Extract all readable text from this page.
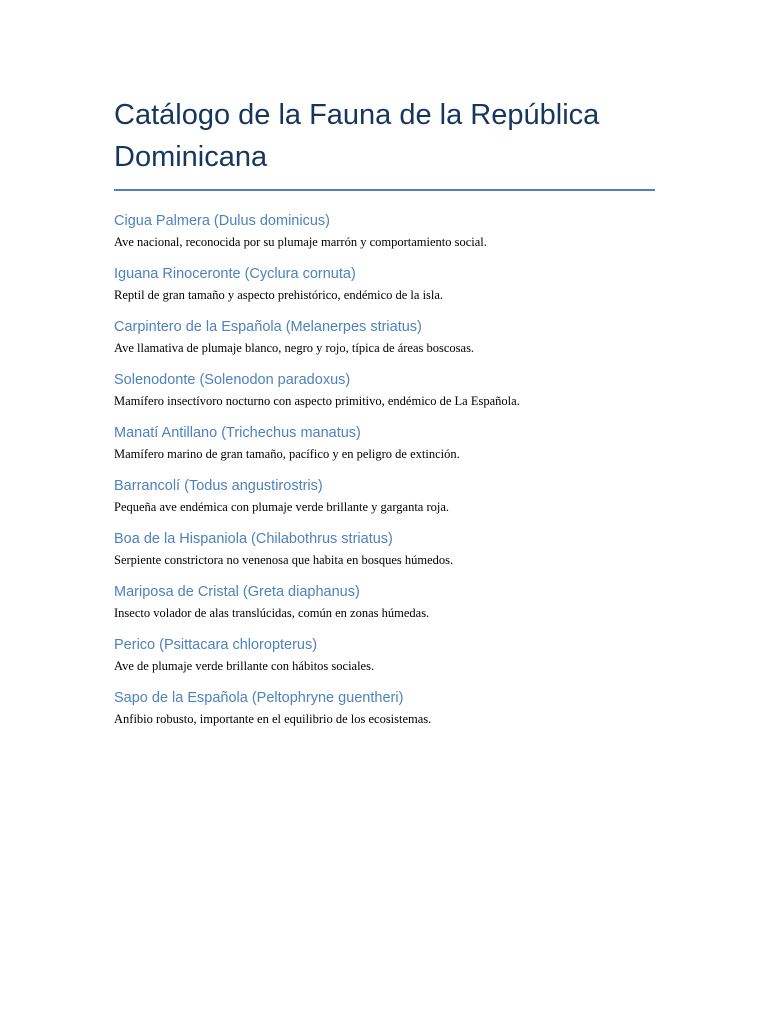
Catálogo de la Fauna de la República Dominicana
Cigua Palmera (Dulus dominicus)

Ave nacional, reconocida por su plumaje marrón y comportamiento social.

Iguana Rinoceronte (Cyclura cornuta)

Reptil de gran tamaño y aspecto prehistórico, endémico de la isla.

Carpintero de la Española (Melanerpes striatus)

Ave llamativa de plumaje blanco, negro y rojo, típica de áreas boscosas.

Solenodonte (Solenodon paradoxus)

Mamífero insectívoro nocturno con aspecto primitivo, endémico de La Española.

Manatí Antillano (Trichechus manatus)

Mamífero marino de gran tamaño, pacífico y en peligro de extinción.

Barrancolí (Todus angustirostris)

Pequeña ave endémica con plumaje verde brillante y garganta roja.

Boa de la Hispaniola (Chilabothrus striatus)

Serpiente constrictora no venenosa que habita en bosques húmedos.

Mariposa de Cristal (Greta diaphanus)

Insecto volador de alas translúcidas, común en zonas húmedas.

Perico (Psittacara chloropterus)

Ave de plumaje verde brillante con hábitos sociales.

Sapo de la Española (Peltophryne guentheri)

Anfibio robusto, importante en el equilibrio de los ecosistemas.
